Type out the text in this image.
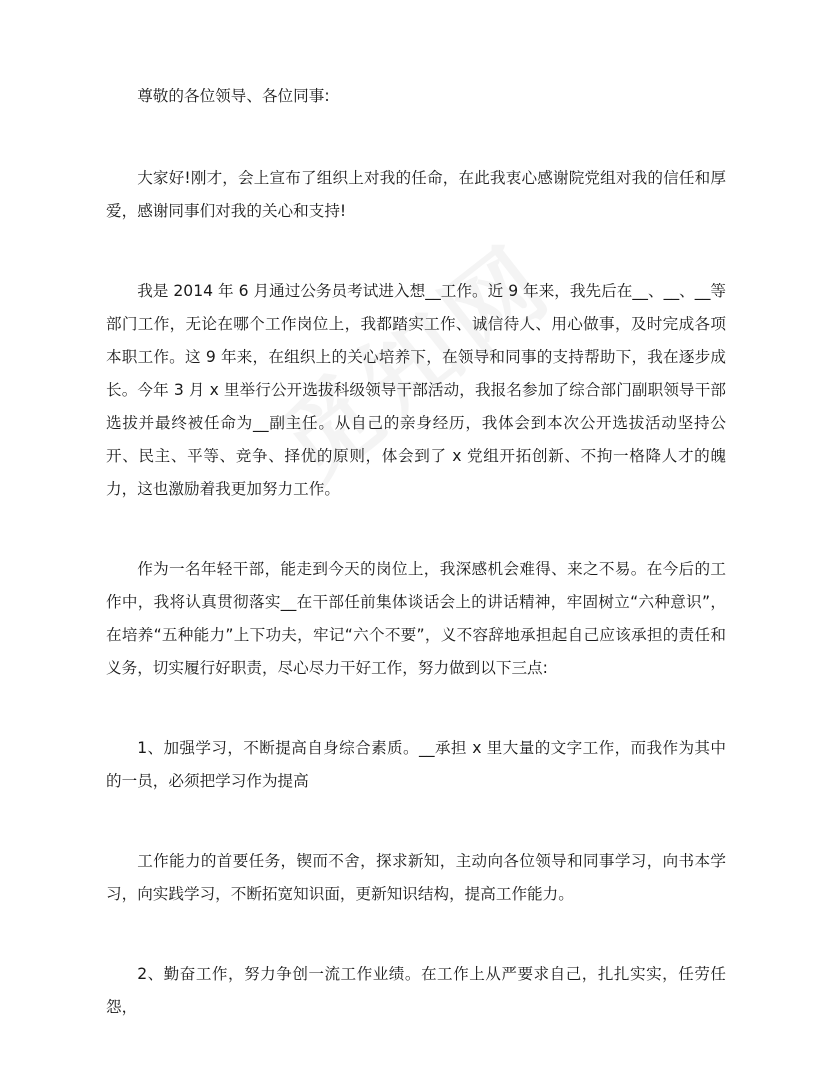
尊敬的各位领导、各位同事:

大家好!刚才，会上宣布了组织上对我的任命，在此我衷心感谢院党组对我的信任和厚爱，感谢同事们对我的关心和支持!

我是 2014 年 6 月通过公务员考试进入想__工作。近 9 年来，我先后在__、__、__等部门工作，无论在哪个工作岗位上，我都踏实工作、诚信待人、用心做事，及时完成各项本职工作。这 9 年来，在组织上的关心培养下，在领导和同事的支持帮助下，我在逐步成长。今年 3 月 x 里举行公开选拔科级领导干部活动，我报名参加了综合部门副职领导干部选拔并最终被任命为__副主任。从自己的亲身经历，我体会到本次公开选拔活动坚持公开、民主、平等、竞争、择优的原则，体会到了 x 党组开拓创新、不拘一格降人才的魄力，这也激励着我更加努力工作。

作为一名年轻干部，能走到今天的岗位上，我深感机会难得、来之不易。在今后的工作中，我将认真贯彻落实__在干部任前集体谈话会上的讲话精神，牢固树立“六种意识”，在培养“五种能力”上下功夫，牢记“六个不要”，义不容辞地承担起自己应该承担的责任和义务，切实履行好职责，尽心尽力干好工作，努力做到以下三点:

1、加强学习，不断提高自身综合素质。__承担 x 里大量的文字工作，而我作为其中的一员，必须把学习作为提高

工作能力的首要任务，锲而不舍，探求新知，主动向各位领导和同事学习，向书本学习，向实践学习，不断拓宽知识面，更新知识结构，提高工作能力。

2、勤奋工作，努力争创一流工作业绩。在工作上从严要求自己，扎扎实实，任劳任怨，
